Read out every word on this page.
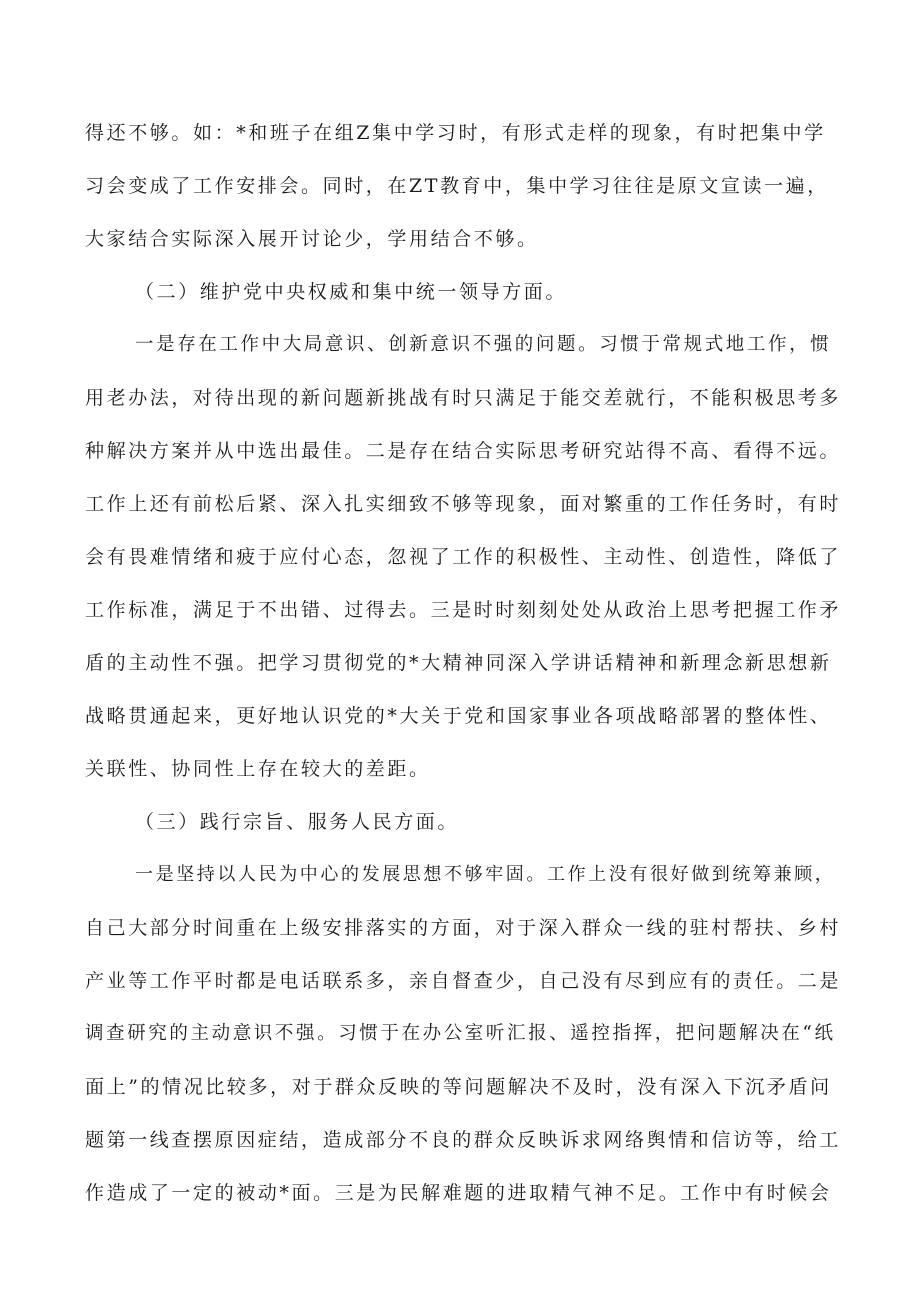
得还不够。如：*和班子在组Z集中学习时，有形式走样的现象，有时把集中学
习会变成了工作安排会。同时，在ZT教育中，集中学习往往是原文宣读一遍，
大家结合实际深入展开讨论少，学用结合不够。
（二）维护党中央权威和集中统一领导方面。
一是存在工作中大局意识、创新意识不强的问题。习惯于常规式地工作，惯
用老办法，对待出现的新问题新挑战有时只满足于能交差就行，不能积极思考多
种解决方案并从中选出最佳。二是存在结合实际思考研究站得不高、看得不远。
工作上还有前松后紧、深入扎实细致不够等现象，面对繁重的工作任务时，有时
会有畏难情绪和疲于应付心态，忽视了工作的积极性、主动性、创造性，降低了
工作标准，满足于不出错、过得去。三是时时刻刻处处从政治上思考把握工作矛
盾的主动性不强。把学习贯彻党的*大精神同深入学讲话精神和新理念新思想新
战略贯通起来，更好地认识党的*大关于党和国家事业各项战略部署的整体性、
关联性、协同性上存在较大的差距。
（三）践行宗旨、服务人民方面。
一是坚持以人民为中心的发展思想不够牢固。工作上没有很好做到统筹兼顾，
自己大部分时间重在上级安排落实的方面，对于深入群众一线的驻村帮扶、乡村
产业等工作平时都是电话联系多，亲自督查少，自己没有尽到应有的责任。二是
调查研究的主动意识不强。习惯于在办公室听汇报、遥控指挥，把问题解决在“纸
面上”的情况比较多，对于群众反映的等问题解决不及时，没有深入下沉矛盾问
题第一线查摆原因症结，造成部分不良的群众反映诉求网络舆情和信访等，给工
作造成了一定的被动*面。三是为民解难题的进取精气神不足。工作中有时候会
